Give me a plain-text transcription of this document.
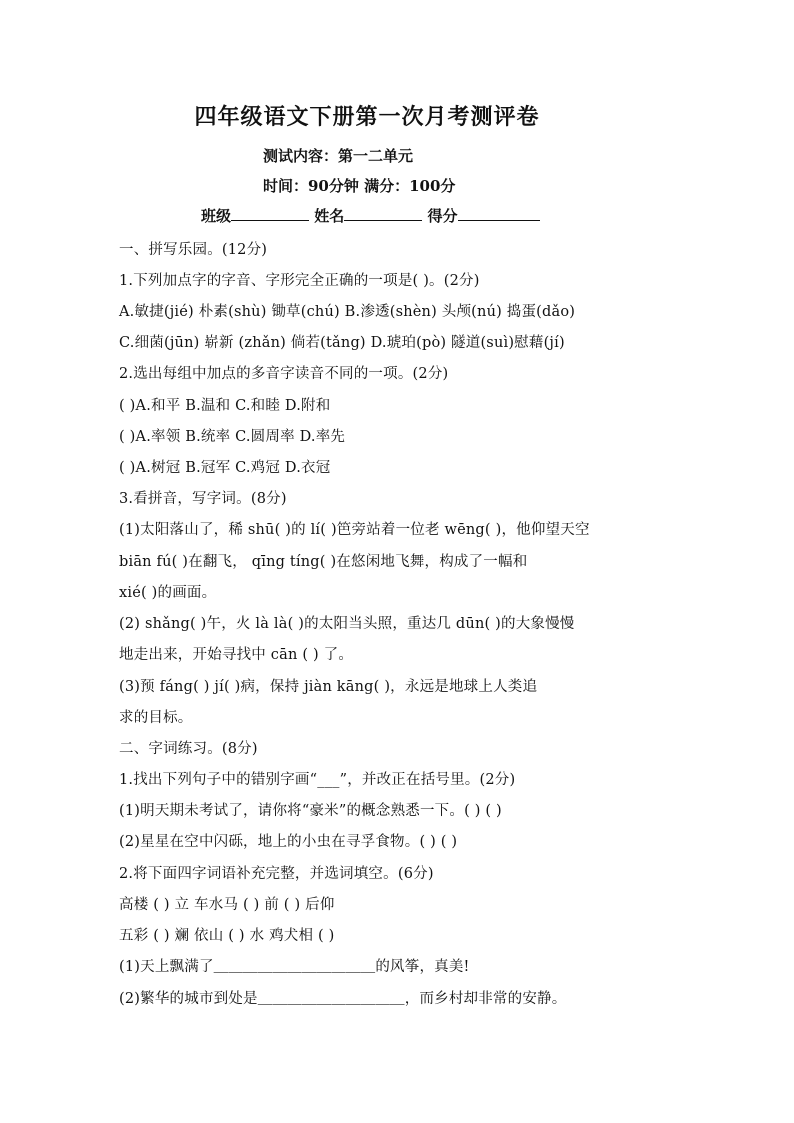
四年级语文下册第一次月考测评卷
测试内容：第一二单元
时间：90分钟 满分：100分
班级	姓名	得分
一、拼写乐园。(12分)
1.下列加点字的字音、字形完全正确的一项是( )。(2分)
A.敏捷(jié) 朴素(shù) 锄草(chú) B.渗透(shèn) 头颅(nú) 捣蛋(dǎo)
C.细菌(jūn) 崭新 (zhǎn) 倘若(tǎng) D.琥珀(pò) 隧道(suì)慰藉(jí)
2.选出每组中加点的多音字读音不同的一项。(2分)
( )A.和平 B.温和 C.和睦 D.附和
( )A.率领 B.统率 C.圆周率 D.率先
( )A.树冠 B.冠军 C.鸡冠 D.衣冠
3.看拼音，写字词。(8分)
(1)太阳落山了，稀 shū( )的 lí( )笆旁站着一位老 wēng( )，他仰望天空
biān fú( )在翻飞， qīng tíng( )在悠闲地飞舞，构成了一幅和
xié( )的画面。
(2) shǎng( )午，火 là là( )的太阳当头照，重达几 dūn( )的大象慢慢
地走出来，开始寻找中 cān ( ) 了。
(3)预 fáng( ) jí( )病，保持 jiàn kāng( )，永远是地球上人类追
求的目标。
二、字词练习。(8分)
1.找出下列句子中的错别字画“___”，并改正在括号里。(2分)
(1)明天期未考试了，请你将“豪米”的概念熟悉一下。( ) ( )
(2)星星在空中闪砾，地上的小虫在寻孚食物。( ) ( )
2.将下面四字词语补充完整，并选词填空。(6分)
高楼 ( ) 立 车水马 ( ) 前 ( ) 后仰
五彩 ( ) 斓 依山 ( ) 水 鸡犬相 ( )
(1)天上飘满了＿＿＿＿＿＿＿＿＿＿＿的风筝，真美!
(2)繁华的城市到处是＿＿＿＿＿＿＿＿＿＿，而乡村却非常的安静。
